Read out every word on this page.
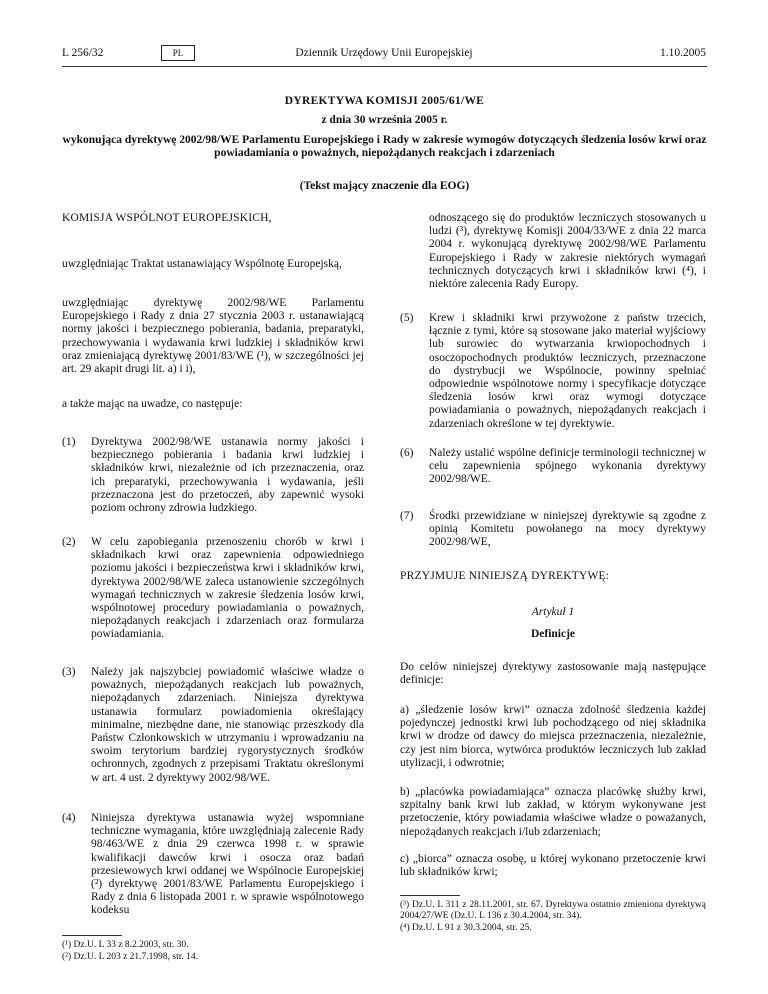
L 256/32	PL	Dziennik Urzędowy Unii Europejskiej	1.10.2005
DYREKTYWA KOMISJI 2005/61/WE
z dnia 30 września 2005 r.
wykonująca dyrektywę 2002/98/WE Parlamentu Europejskiego i Rady w zakresie wymogów dotyczących śledzenia losów krwi oraz powiadamiania o poważnych, niepożądanych reakcjach i zdarzeniach
(Tekst mający znaczenie dla EOG)

KOMISJA WSPÓLNOT EUROPEJSKICH,

uwzględniając Traktat ustanawiający Wspólnotę Europejską,

uwzględniając dyrektywę 2002/98/WE Parlamentu Europejskiego i Rady z dnia 27 stycznia 2003 r. ustanawiającą normy jakości i bezpiecznego pobierania, badania, preparatyki, przechowywania i wydawania krwi ludzkiej i składników krwi oraz zmieniającą dyrektywę 2001/83/WE (¹), w szczególności jej art. 29 akapit drugi lit. a) i i),

a także mając na uwadze, co następuje:

(1) Dyrektywa 2002/98/WE ustanawia normy jakości i bezpiecznego pobierania i badania krwi ludzkiej i składników krwi, niezależnie od ich przeznaczenia, oraz ich preparatyki, przechowywania i wydawania, jeśli przeznaczona jest do przetoczeń, aby zapewnić wysoki poziom ochrony zdrowia ludzkiego.

(2) W celu zapobiegania przenoszeniu chorób w krwi i składnikach krwi oraz zapewnienia odpowiedniego poziomu jakości i bezpieczeństwa krwi i składników krwi, dyrektywa 2002/98/WE zaleca ustanowienie szczególnych wymagań technicznych w zakresie śledzenia losów krwi, wspólnotowej procedury powiadamiania o poważnych, niepożądanych reakcjach i zdarzeniach oraz formularza powiadamiania.

(3) Należy jak najszybciej powiadomić właściwe władze o poważnych, niepożądanych reakcjach lub poważnych, niepożądanych zdarzeniach. Niniejsza dyrektywa ustanawia formularz powiadomienia określający minimalne, niezbędne dane, nie stanowiąc przeszkody dla Państw Członkowskich w utrzymaniu i wprowadzaniu na swoim terytorium bardziej rygorystycznych środków ochronnych, zgodnych z przepisami Traktatu określonymi w art. 4 ust. 2 dyrektywy 2002/98/WE.

(4) Niniejsza dyrektywa ustanawia wyżej wspomniane techniczne wymagania, które uwzględniają zalecenie Rady 98/463/WE z dnia 29 czerwca 1998 r. w sprawie kwalifikacji dawców krwi i osocza oraz badań przesiewowych krwi oddanej we Wspólnocie Europejskiej (²) dyrektywę 2001/83/WE Parlamentu Europejskiego i Rady z dnia 6 listopada 2001 r. w sprawie wspólnotowego kodeksu

(¹) Dz.U. L 33 z 8.2.2003, str. 30.
(²) Dz.U. L 203 z 21.7.1998, str. 14.

odnoszącego się do produktów leczniczych stosowanych u ludzi (³), dyrektywę Komisji 2004/33/WE z dnia 22 marca 2004 r. wykonującą dyrektywę 2002/98/WE Parlamentu Europejskiego i Rady w zakresie niektórych wymagań technicznych dotyczących krwi i składników krwi (⁴), i niektóre zalecenia Rady Europy.

(5) Krew i składniki krwi przywożone z państw trzecich, łącznie z tymi, które są stosowane jako materiał wyjściowy lub surowiec do wytwarzania krwiopochodnych i osoczopochodnych produktów leczniczych, przeznaczone do dystrybucji we Wspólnocie, powinny spełniać odpowiednie wspólnotowe normy i specyfikacje dotyczące śledzenia losów krwi oraz wymogi dotyczące powiadamiania o poważnych, niepożądanych reakcjach i zdarzeniach określone w tej dyrektywie.

(6) Należy ustalić wspólne definicje terminologii technicznej w celu zapewnienia spójnego wykonania dyrektywy 2002/98/WE.

(7) Środki przewidziane w niniejszej dyrektywie są zgodne z opinią Komitetu powołanego na mocy dyrektywy 2002/98/WE,

PRZYJMUJE NINIEJSZĄ DYREKTYWĘ:

Artykuł 1

Definicje

Do celów niniejszej dyrektywy zastosowanie mają następujące definicje:

a) „śledzenie losów krwi” oznacza zdolność śledzenia każdej pojedynczej jednostki krwi lub pochodzącego od niej składnika krwi w drodze od dawcy do miejsca przeznaczenia, niezależnie, czy jest nim biorca, wytwórca produktów leczniczych lub zakład utylizacji, i odwrotnie;

b) „placówka powiadamiająca” oznacza placówkę służby krwi, szpitalny bank krwi lub zakład, w którym wykonywane jest przetoczenie, który powiadamia właściwe władze o poważanych, niepożądanych reakcjach i/lub zdarzeniach;

c) „biorca” oznacza osobę, u której wykonano przetoczenie krwi lub składników krwi;

(³) Dz.U. L 311 z 28.11.2001, str. 67. Dyrektywa ostatnio zmieniona dyrektywą 2004/27/WE (Dz.U. L 136 z 30.4.2004, str. 34).
(⁴) Dz.U. L 91 z 30.3.2004, str. 25.
